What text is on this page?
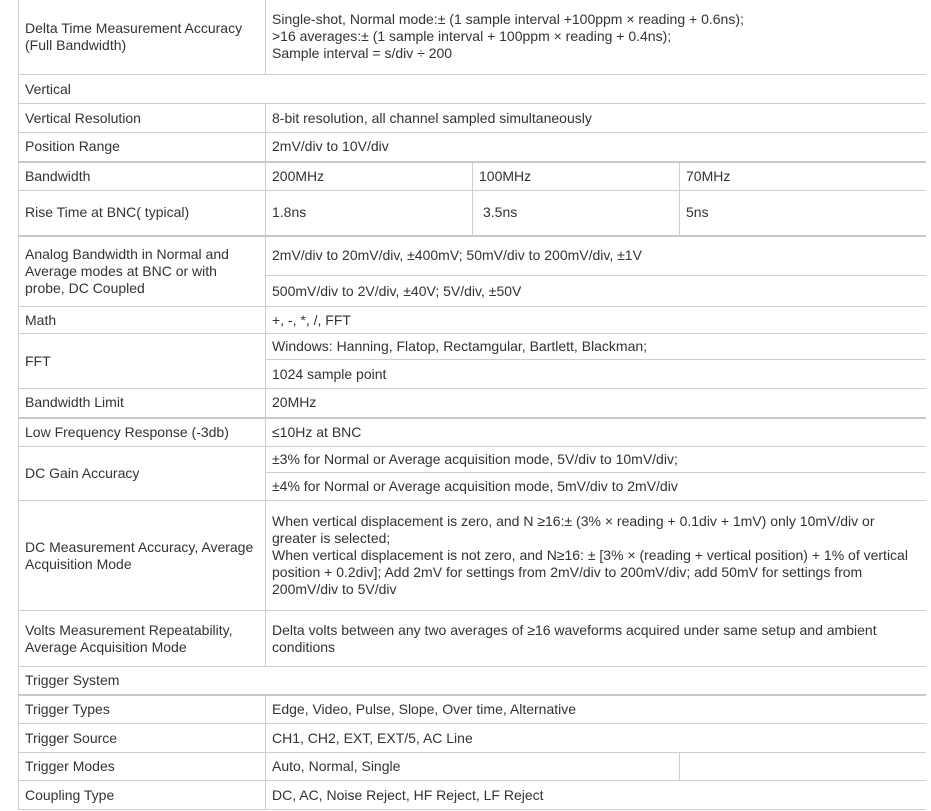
Delta Time Measurement Accuracy (Full Bandwidth)	Single-shot, Normal mode:± (1 sample interval +100ppm × reading + 0.6ns);
>16 averages:± (1 sample interval + 100ppm × reading + 0.4ns);
Sample interval = s/div ÷ 200		

Vertical			
Vertical Resolution	8-bit resolution, all channel sampled simultaneously		
Position Range	2mV/div to 10V/div		
Bandwidth	200MHz	100MHz	70MHz
Rise Time at BNC( typical)	1.8ns	3.5ns	5ns
Analog Bandwidth in Normal and Average modes at BNC or with probe, DC Coupled	2mV/div to 20mV/div, ±400mV; 50mV/div to 200mV/div, ±1V		
	500mV/div to 2V/div, ±40V; 5V/div, ±50V		
Math	+, -, *, /, FFT		
FFT	Windows: Hanning, Flatop, Rectamgular, Bartlett, Blackman;		
	1024 sample point		
Bandwidth Limit	20MHz		
Low Frequency Response (-3db)	≤10Hz at BNC		
DC Gain Accuracy	±3% for Normal or Average acquisition mode, 5V/div to 10mV/div;		
	±4% for Normal or Average acquisition mode, 5mV/div to 2mV/div		
DC Measurement Accuracy, Average Acquisition Mode	When vertical displacement is zero, and N ≥16:± (3% × reading + 0.1div + 1mV) only 10mV/div or greater is selected;
When vertical displacement is not zero, and N≥16: ± [3% × (reading + vertical position) + 1% of vertical position + 0.2div]; Add 2mV for settings from 2mV/div to 200mV/div; add 50mV for settings from 200mV/div to 5V/div		

Volts Measurement Repeatability, Average Acquisition Mode	Delta volts between any two averages of ≥16 waveforms acquired under same setup and ambient conditions		
Trigger System			
Trigger Types	Edge, Video, Pulse, Slope, Over time, Alternative		
Trigger Source	CH1, CH2, EXT, EXT/5, AC Line		
Trigger Modes	Auto, Normal, Single		
Coupling Type	DC, AC, Noise Reject, HF Reject, LF Reject		
